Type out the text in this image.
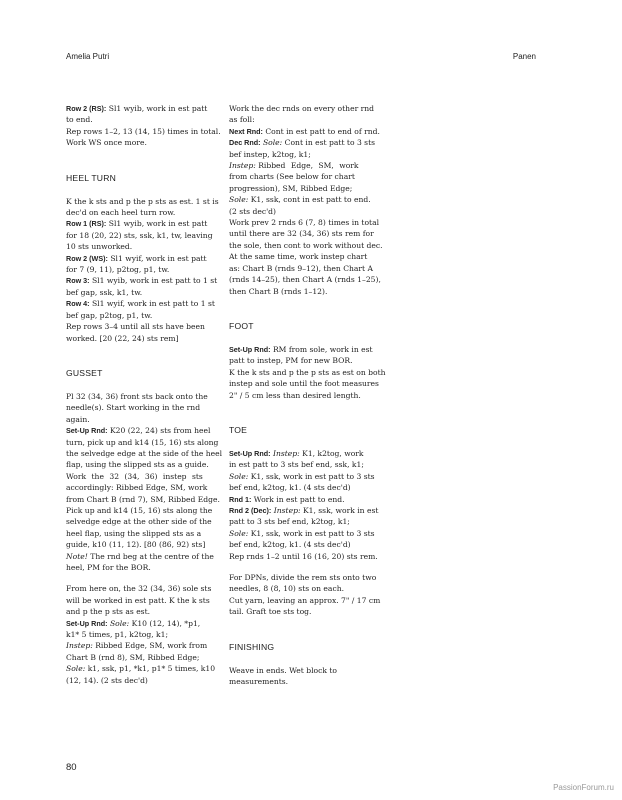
Amelia Putri	Panen
Row 2 (RS): Sl1 wyib, work in est patt
to end.
Rep rows 1–2, 13 (14, 15) times in total.
Work WS once more.
HEEL TURN
K the k sts and p the p sts as est. 1 st is
dec'd on each heel turn row.
Row 1 (RS): Sl1 wyib, work in est patt
for 18 (20, 22) sts, ssk, k1, tw, leaving
10 sts unworked.
Row 2 (WS): Sl1 wyif, work in est patt
for 7 (9, 11), p2tog, p1, tw.
Row 3: Sl1 wyib, work in est patt to 1 st
bef gap, ssk, k1, tw.
Row 4: Sl1 wyif, work in est patt to 1 st
bef gap, p2tog, p1, tw.
Rep rows 3–4 until all sts have been
worked. [20 (22, 24) sts rem]
GUSSET
Pl 32 (34, 36) front sts back onto the
needle(s). Start working in the rnd
again.
Set-Up Rnd: K20 (22, 24) sts from heel
turn, pick up and k14 (15, 16) sts along
the selvedge edge at the side of the heel
flap, using the slipped sts as a guide.
Work the 32 (34, 36) instep sts
accordingly: Ribbed Edge, SM, work
from Chart B (rnd 7), SM, Ribbed Edge.
Pick up and k14 (15, 16) sts along the
selvedge edge at the other side of the
heel flap, using the slipped sts as a
guide, k10 (11, 12). [80 (86, 92) sts]
Note! The rnd beg at the centre of the
heel, PM for the BOR.
From here on, the 32 (34, 36) sole sts
will be worked in est patt. K the k sts
and p the p sts as est.
Set-Up Rnd: Sole: K10 (12, 14), *p1,
k1* 5 times, p1, k2tog, k1;
Instep: Ribbed Edge, SM, work from
Chart B (rnd 8), SM, Ribbed Edge;
Sole: k1, ssk, p1, *k1, p1* 5 times, k10
(12, 14). (2 sts dec'd)
Work the dec rnds on every other rnd
as foll:
Next Rnd: Cont in est patt to end of rnd.
Dec Rnd: Sole: Cont in est patt to 3 sts
bef instep, k2tog, k1;
Instep: Ribbed Edge, SM, work
from charts (See below for chart
progression), SM, Ribbed Edge;
Sole: K1, ssk, cont in est patt to end.
(2 sts dec'd)
Work prev 2 rnds 6 (7, 8) times in total
until there are 32 (34, 36) sts rem for
the sole, then cont to work without dec.
At the same time, work instep chart
as: Chart B (rnds 9–12), then Chart A
(rnds 14–25), then Chart A (rnds 1–25),
then Chart B (rnds 1–12).
FOOT
Set-Up Rnd: RM from sole, work in est
patt to instep, PM for new BOR.
K the k sts and p the p sts as est on both
instep and sole until the foot measures
2" / 5 cm less than desired length.
TOE
Set-Up Rnd: Instep: K1, k2tog, work
in est patt to 3 sts bef end, ssk, k1;
Sole: K1, ssk, work in est patt to 3 sts
bef end, k2tog, k1. (4 sts dec'd)
Rnd 1: Work in est patt to end.
Rnd 2 (Dec): Instep: K1, ssk, work in est
patt to 3 sts bef end, k2tog, k1;
Sole: K1, ssk, work in est patt to 3 sts
bef end, k2tog, k1. (4 sts dec'd)
Rep rnds 1–2 until 16 (16, 20) sts rem.
For DPNs, divide the rem sts onto two
needles, 8 (8, 10) sts on each.
Cut yarn, leaving an approx. 7" / 17 cm
tail. Graft toe sts tog.
FINISHING
Weave in ends. Wet block to
measurements.
80
PassionForum.ru
